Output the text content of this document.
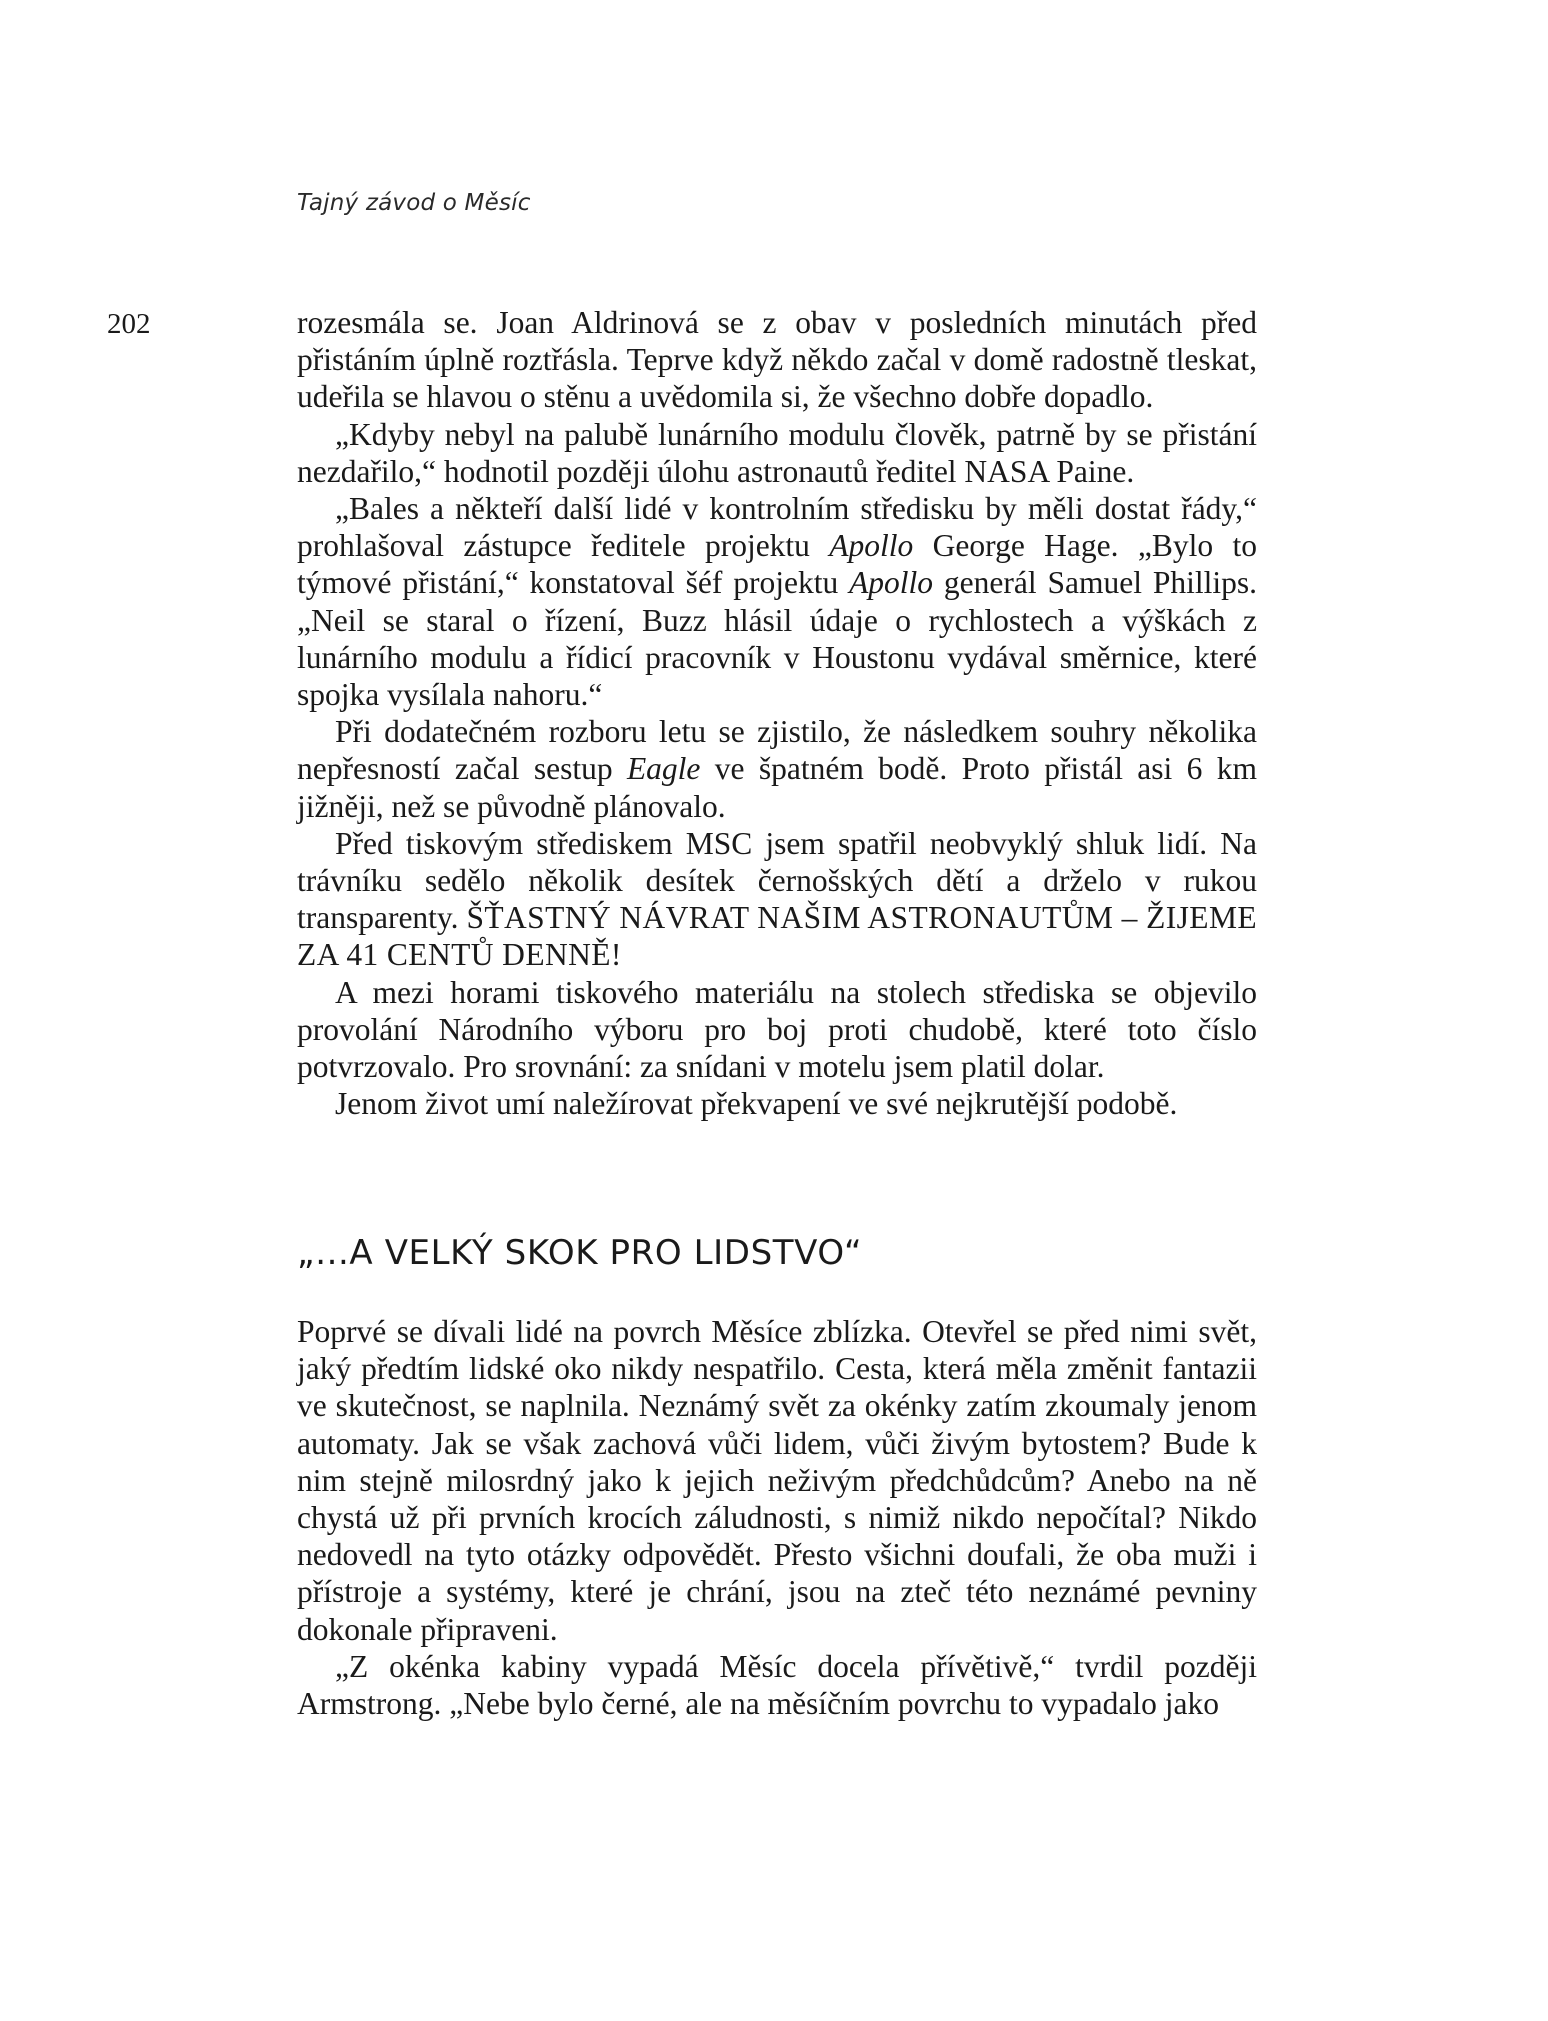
Tajný závod o Měsíc
202	rozesmála se. Joan Aldrinová se z obav v posledních minutách před přistáním úplně roztřásla. Teprve když někdo začal v domě radostně tleskat, udeřila se hlavou o stěnu a uvědomila si, že všechno dobře dopadlo.

„Kdyby nebyl na palubě lunárního modulu člověk, patrně by se přistání nezdařilo,“ hodnotil později úlohu astronautů ředitel NASA Paine.

„Bales a někteří další lidé v kontrolním středisku by měli dostat řády,“ prohlašoval zástupce ředitele projektu Apollo George Hage. „Bylo to týmové přistání,“ konstatoval šéf projektu Apollo generál Samuel Phillips. „Neil se staral o řízení, Buzz hlásil údaje o rychlostech a výškách z lunárního modulu a řídicí pracovník v Houstonu vydával směrnice, které spojka vysílala nahoru.“

Při dodatečném rozboru letu se zjistilo, že následkem souhry několika nepřesností začal sestup Eagle ve špatném bodě. Proto přistál asi 6 km jižněji, než se původně plánovalo.

Před tiskovým střediskem MSC jsem spatřil neobvyklý shluk lidí. Na trávníku sedělo několik desítek černošských dětí a drželo v rukou transparenty. ŠŤASTNÝ NÁVRAT NAŠIM ASTRONAUTŮM – ŽIJEME ZA 41 CENTŮ DENNĚ!

A mezi horami tiskového materiálu na stolech střediska se objevilo provolání Národního výboru pro boj proti chudobě, které toto číslo potvrzovalo. Pro srovnání: za snídani v motelu jsem platil dolar.

Jenom život umí naležírovat překvapení ve své nejkrutější podobě.

„...A VELKÝ SKOK PRO LIDSTVO“

Poprvé se dívali lidé na povrch Měsíce zblízka. Otevřel se před nimi svět, jaký předtím lidské oko nikdy nespatřilo. Cesta, která měla změnit fantazii ve skutečnost, se naplnila. Neznámý svět za okénky zatím zkoumaly jenom automaty. Jak se však zachová vůči lidem, vůči živým bytostem? Bude k nim stejně milosrdný jako k jejich neživým předchůdcům? Anebo na ně chystá už při prvních krocích záludnosti, s nimiž nikdo nepočítal? Nikdo nedovedl na tyto otázky odpovědět. Přesto všichni doufali, že oba muži i přístroje a systémy, které je chrání, jsou na zteč této neznámé pevniny dokonale připraveni.

„Z okénka kabiny vypadá Měsíc docela přívětivě,“ tvrdil později Armstrong. „Nebe bylo černé, ale na měsíčním povrchu to vypadalo jako
